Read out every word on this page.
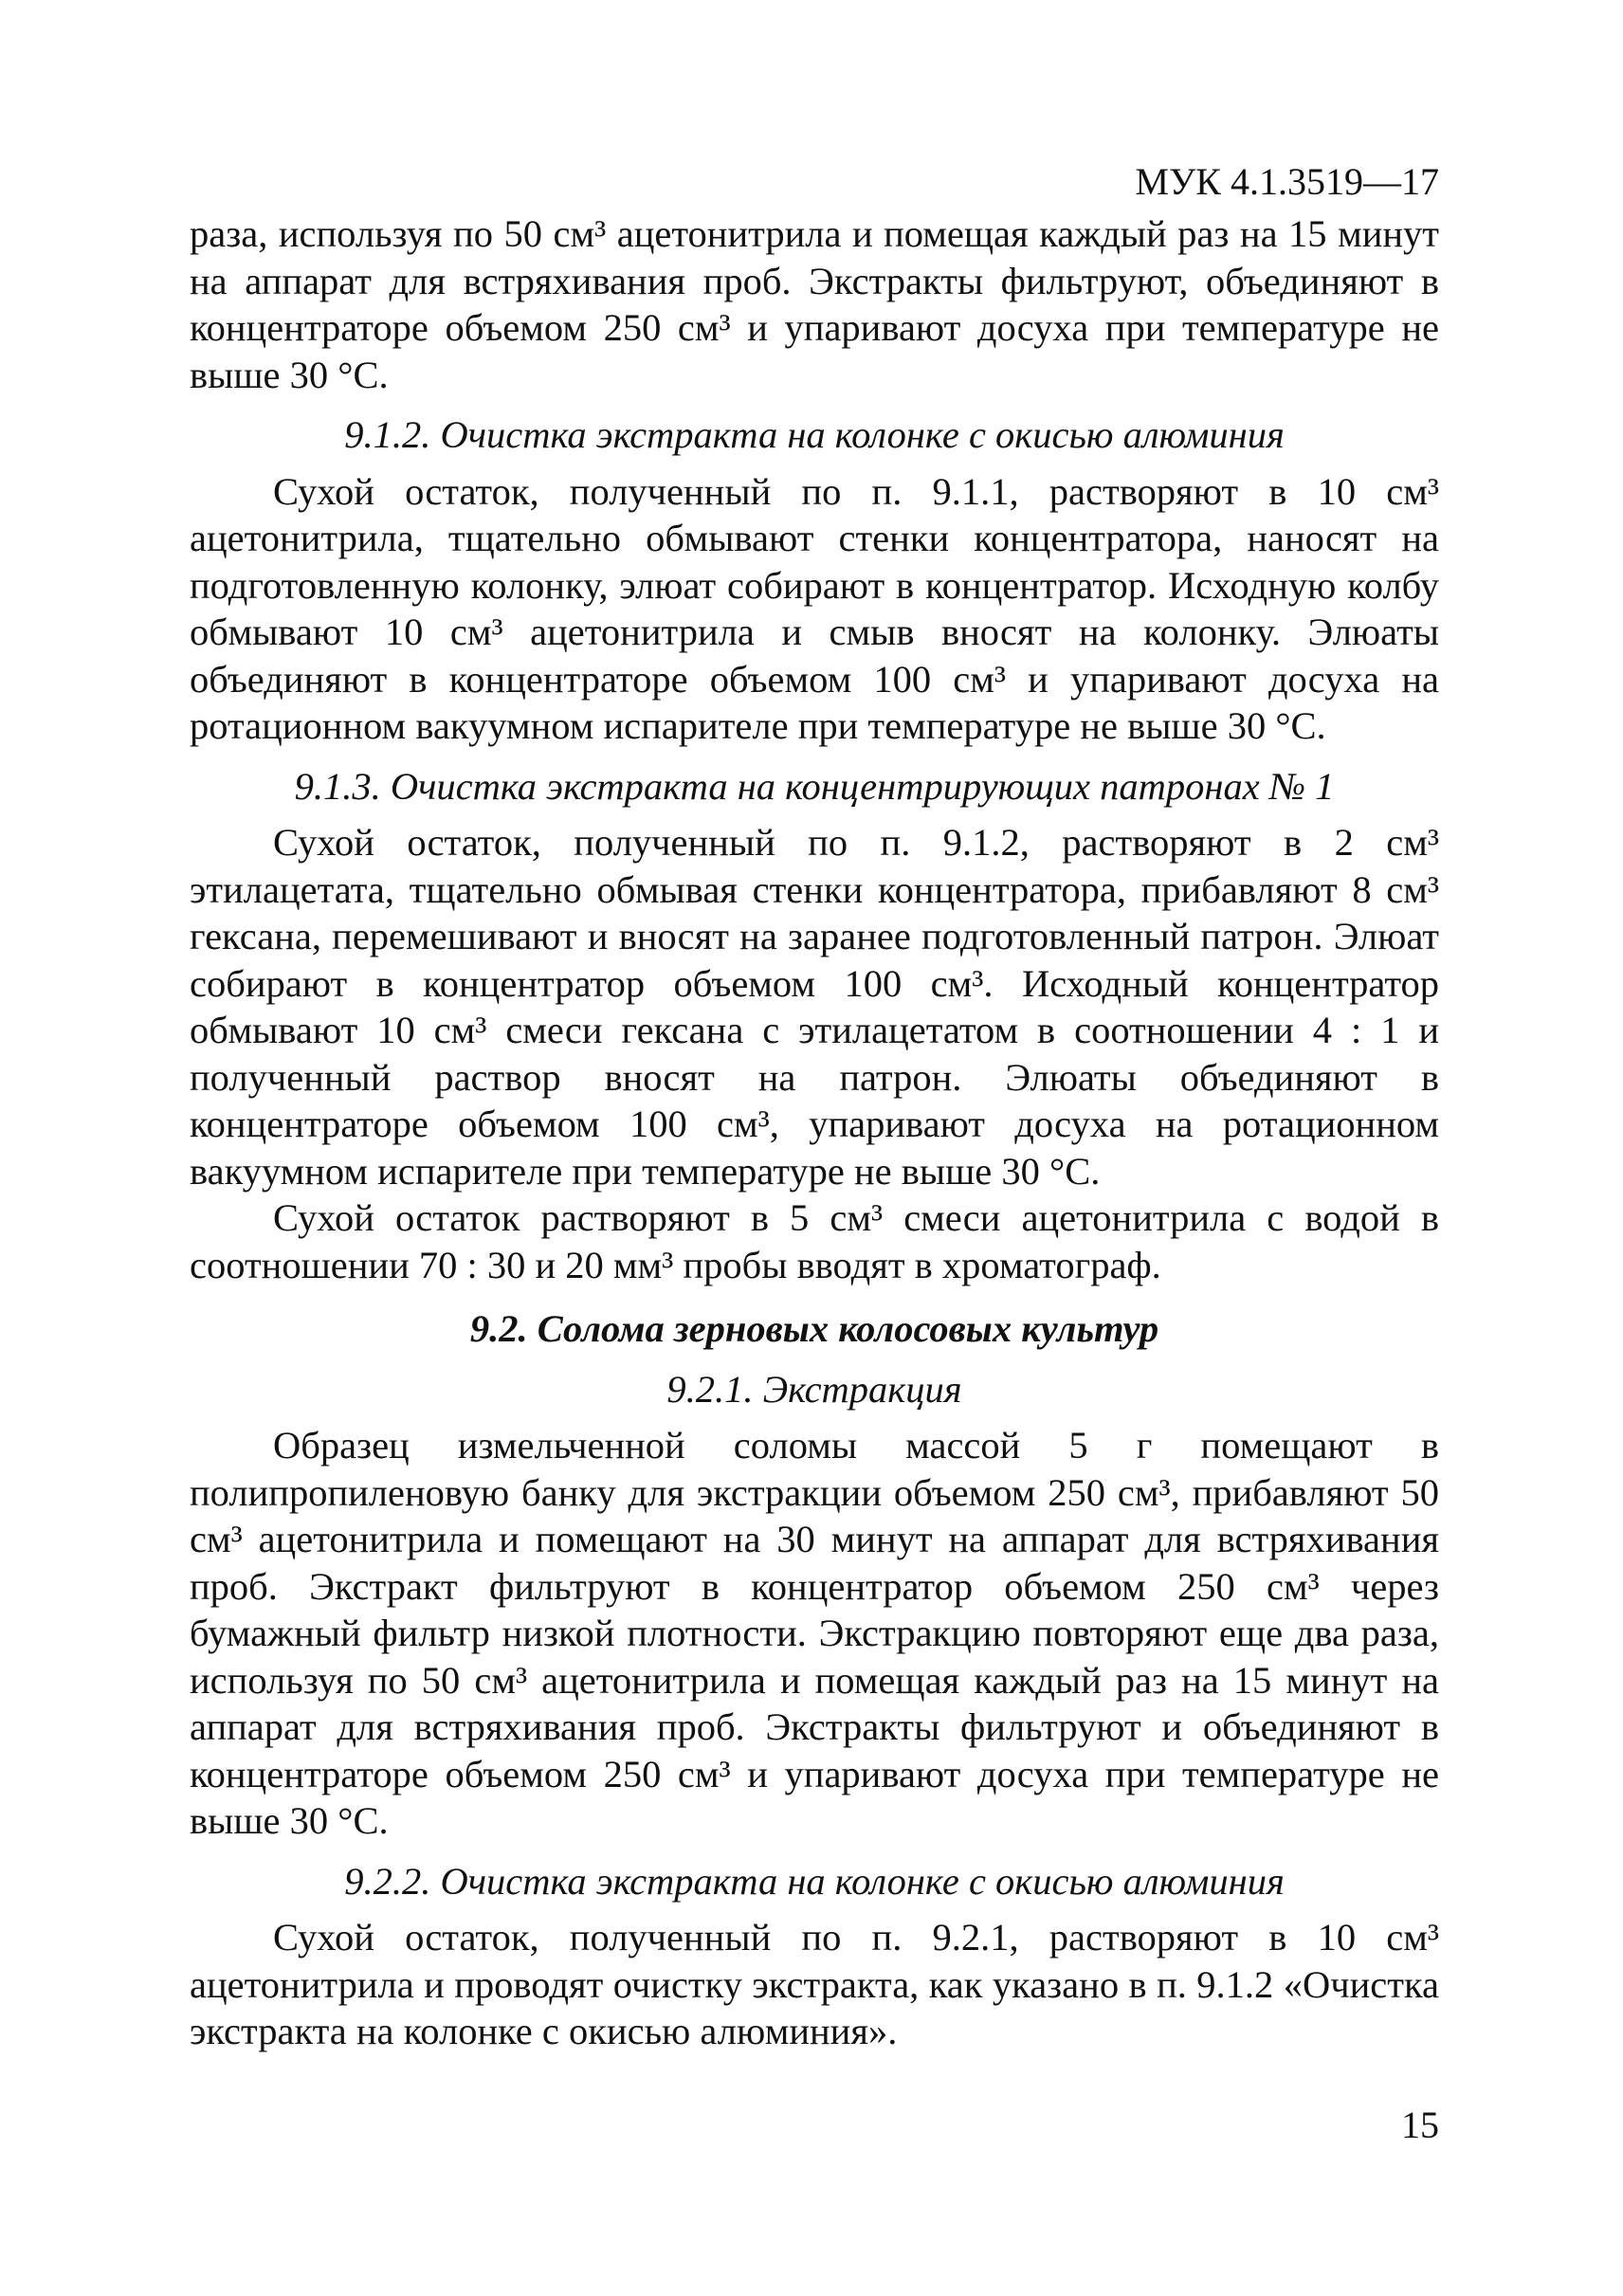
МУК 4.1.3519—17

раза, используя по 50 см³ ацетонитрила и помещая каждый раз на 15 минут на аппарат для встряхивания проб. Экстракты фильтруют, объединяют в концентраторе объемом 250 см³ и упаривают досуха при температуре не выше 30 °С.

9.1.2. Очистка экстракта на колонке с окисью алюминия

Сухой остаток, полученный по п. 9.1.1, растворяют в 10 см³ ацетонитрила, тщательно обмывают стенки концентратора, наносят на подготовленную колонку, элюат собирают в концентратор. Исходную колбу обмывают 10 см³ ацетонитрила и смыв вносят на колонку. Элюаты объединяют в концентраторе объемом 100 см³ и упаривают досуха на ротационном вакуумном испарителе при температуре не выше 30 °С.

9.1.3. Очистка экстракта на концентрирующих патронах № 1

Сухой остаток, полученный по п. 9.1.2, растворяют в 2 см³ этилацетата, тщательно обмывая стенки концентратора, прибавляют 8 см³ гексана, перемешивают и вносят на заранее подготовленный патрон. Элюат собирают в концентратор объемом 100 см³. Исходный концентратор обмывают 10 см³ смеси гексана с этилацетатом в соотношении 4 : 1 и полученный раствор вносят на патрон. Элюаты объединяют в концентраторе объемом 100 см³, упаривают досуха на ротационном вакуумном испарителе при температуре не выше 30 °С.

Сухой остаток растворяют в 5 см³ смеси ацетонитрила с водой в соотношении 70 : 30 и 20 мм³ пробы вводят в хроматограф.

9.2. Солома зерновых колосовых культур
9.2.1. Экстракция

Образец измельченной соломы массой 5 г помещают в полипропиленовую банку для экстракции объемом 250 см³, прибавляют 50 см³ ацетонитрила и помещают на 30 минут на аппарат для встряхивания проб. Экстракт фильтруют в концентратор объемом 250 см³ через бумажный фильтр низкой плотности. Экстракцию повторяют еще два раза, используя по 50 см³ ацетонитрила и помещая каждый раз на 15 минут на аппарат для встряхивания проб. Экстракты фильтруют и объединяют в концентраторе объемом 250 см³ и упаривают досуха при температуре не выше 30 °С.

9.2.2. Очистка экстракта на колонке с окисью алюминия

Сухой остаток, полученный по п. 9.2.1, растворяют в 10 см³ ацетонитрила и проводят очистку экстракта, как указано в п. 9.1.2 «Очистка экстракта на колонке с окисью алюминия».

15
